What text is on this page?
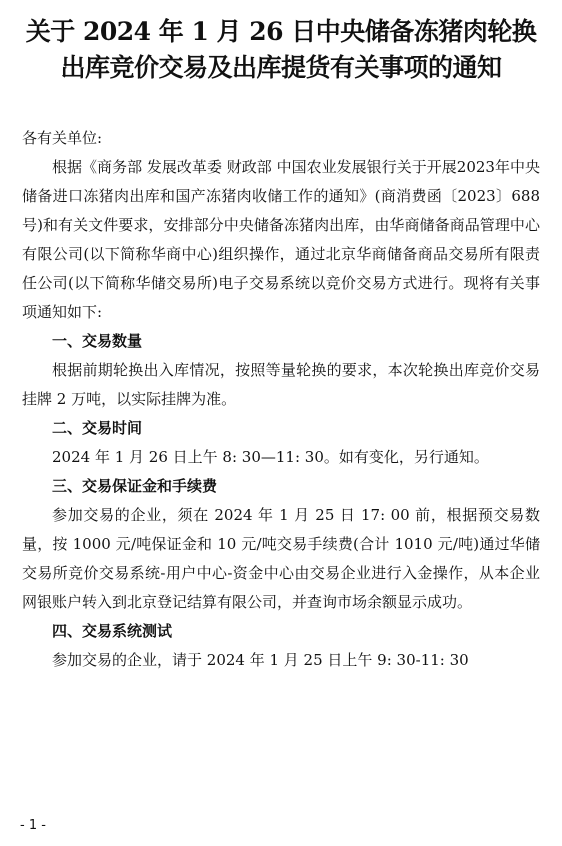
关于 2024 年 1 月 26 日中央储备冻猪肉轮换
出库竞价交易及出库提货有关事项的通知

各有关单位:

根据《商务部 发展改革委 财政部 中国农业发展银行关于开展2023年中央储备进口冻猪肉出库和国产冻猪肉收储工作的通知》(商消费函〔2023〕688号)和有关文件要求，安排部分中央储备冻猪肉出库，由华商储备商品管理中心有限公司(以下简称华商中心)组织操作，通过北京华商储备商品交易所有限责任公司(以下简称华储交易所)电子交易系统以竞价交易方式进行。现将有关事项通知如下:

一、交易数量

根据前期轮换出入库情况，按照等量轮换的要求，本次轮换出库竞价交易挂牌 2 万吨，以实际挂牌为准。

二、交易时间

2024 年 1 月 26 日上午 8: 30—11: 30。如有变化，另行通知。

三、交易保证金和手续费

参加交易的企业，须在 2024 年 1 月 25 日 17: 00 前，根据预交易数量，按 1000 元/吨保证金和 10 元/吨交易手续费(合计 1010 元/吨)通过华储交易所竞价交易系统-用户中心-资金中心由交易企业进行入金操作，从本企业网银账户转入到北京登记结算有限公司，并查询市场余额显示成功。

四、交易系统测试

参加交易的企业，请于 2024 年 1 月 25 日上午 9: 30-11: 30

- 1 -
